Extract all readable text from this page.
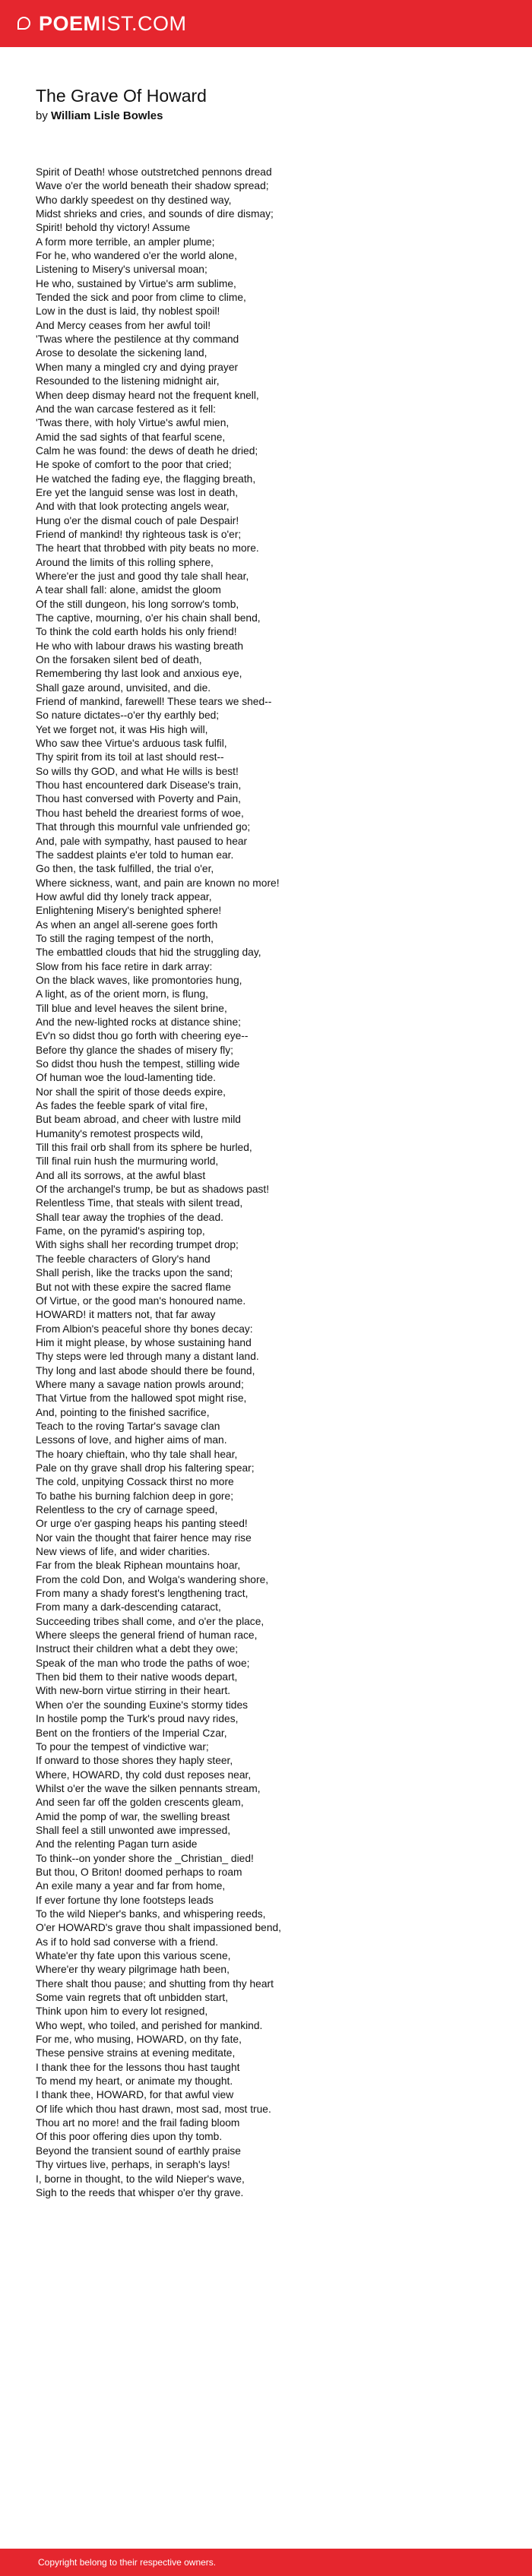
POEM IST.COM
The Grave Of Howard
by William Lisle Bowles
Spirit of Death! whose outstretched pennons dread
Wave o'er the world beneath their shadow spread;
Who darkly speedest on thy destined way,
Midst shrieks and cries, and sounds of dire dismay;
Spirit! behold thy victory! Assume
A form more terrible, an ampler plume;
For he, who wandered o'er the world alone,
Listening to Misery's universal moan;
He who, sustained by Virtue's arm sublime,
Tended the sick and poor from clime to clime,
Low in the dust is laid, thy noblest spoil!
And Mercy ceases from her awful toil!
'Twas where the pestilence at thy command
Arose to desolate the sickening land,
When many a mingled cry and dying prayer
Resounded to the listening midnight air,
When deep dismay heard not the frequent knell,
And the wan carcase festered as it fell:
'Twas there, with holy Virtue's awful mien,
Amid the sad sights of that fearful scene,
Calm he was found: the dews of death he dried;
He spoke of comfort to the poor that cried;
He watched the fading eye, the flagging breath,
Ere yet the languid sense was lost in death,
And with that look protecting angels wear,
Hung o'er the dismal couch of pale Despair!
Friend of mankind! thy righteous task is o'er;
The heart that throbbed with pity beats no more.
Around the limits of this rolling sphere,
Where'er the just and good thy tale shall hear,
A tear shall fall: alone, amidst the gloom
Of the still dungeon, his long sorrow's tomb,
The captive, mourning, o'er his chain shall bend,
To think the cold earth holds his only friend!
He who with labour draws his wasting breath
On the forsaken silent bed of death,
Remembering thy last look and anxious eye,
Shall gaze around, unvisited, and die.
Friend of mankind, farewell! These tears we shed--
So nature dictates--o'er thy earthly bed;
Yet we forget not, it was His high will,
Who saw thee Virtue's arduous task fulfil,
Thy spirit from its toil at last should rest--
So wills thy GOD, and what He wills is best!
Thou hast encountered dark Disease's train,
Thou hast conversed with Poverty and Pain,
Thou hast beheld the dreariest forms of woe,
That through this mournful vale unfriended go;
And, pale with sympathy, hast paused to hear
The saddest plaints e'er told to human ear.
Go then, the task fulfilled, the trial o'er,
Where sickness, want, and pain are known no more!
How awful did thy lonely track appear,
Enlightening Misery's benighted sphere!
As when an angel all-serene goes forth
To still the raging tempest of the north,
The embattled clouds that hid the struggling day,
Slow from his face retire in dark array:
On the black waves, like promontories hung,
A light, as of the orient morn, is flung,
Till blue and level heaves the silent brine,
And the new-lighted rocks at distance shine;
Ev'n so didst thou go forth with cheering eye--
Before thy glance the shades of misery fly;
So didst thou hush the tempest, stilling wide
Of human woe the loud-lamenting tide.
Nor shall the spirit of those deeds expire,
As fades the feeble spark of vital fire,
But beam abroad, and cheer with lustre mild
Humanity's remotest prospects wild,
Till this frail orb shall from its sphere be hurled,
Till final ruin hush the murmuring world,
And all its sorrows, at the awful blast
Of the archangel's trump, be but as shadows past!
Relentless Time, that steals with silent tread,
Shall tear away the trophies of the dead.
Fame, on the pyramid's aspiring top,
With sighs shall her recording trumpet drop;
The feeble characters of Glory's hand
Shall perish, like the tracks upon the sand;
But not with these expire the sacred flame
Of Virtue, or the good man's honoured name.
HOWARD! it matters not, that far away
From Albion's peaceful shore thy bones decay:
Him it might please, by whose sustaining hand
Thy steps were led through many a distant land.
Thy long and last abode should there be found,
Where many a savage nation prowls around;
That Virtue from the hallowed spot might rise,
And, pointing to the finished sacrifice,
Teach to the roving Tartar's savage clan
Lessons of love, and higher aims of man.
The hoary chieftain, who thy tale shall hear,
Pale on thy grave shall drop his faltering spear;
The cold, unpitying Cossack thirst no more
To bathe his burning falchion deep in gore;
Relentless to the cry of carnage speed,
Or urge o'er gasping heaps his panting steed!
Nor vain the thought that fairer hence may rise
New views of life, and wider charities.
Far from the bleak Riphean mountains hoar,
From the cold Don, and Wolga's wandering shore,
From many a shady forest's lengthening tract,
From many a dark-descending cataract,
Succeeding tribes shall come, and o'er the place,
Where sleeps the general friend of human race,
Instruct their children what a debt they owe;
Speak of the man who trode the paths of woe;
Then bid them to their native woods depart,
With new-born virtue stirring in their heart.
When o'er the sounding Euxine's stormy tides
In hostile pomp the Turk's proud navy rides,
Bent on the frontiers of the Imperial Czar,
To pour the tempest of vindictive war;
If onward to those shores they haply steer,
Where, HOWARD, thy cold dust reposes near,
Whilst o'er the wave the silken pennants stream,
And seen far off the golden crescents gleam,
Amid the pomp of war, the swelling breast
Shall feel a still unwonted awe impressed,
And the relenting Pagan turn aside
To think--on yonder shore the _Christian_ died!
But thou, O Briton! doomed perhaps to roam
An exile many a year and far from home,
If ever fortune thy lone footsteps leads
To the wild Nieper's banks, and whispering reeds,
O'er HOWARD's grave thou shalt impassioned bend,
As if to hold sad converse with a friend.
Whate'er thy fate upon this various scene,
Where'er thy weary pilgrimage hath been,
There shalt thou pause; and shutting from thy heart
Some vain regrets that oft unbidden start,
Think upon him to every lot resigned,
Who wept, who toiled, and perished for mankind.
For me, who musing, HOWARD, on thy fate,
These pensive strains at evening meditate,
I thank thee for the lessons thou hast taught
To mend my heart, or animate my thought.
I thank thee, HOWARD, for that awful view
Of life which thou hast drawn, most sad, most true.
Thou art no more! and the frail fading bloom
Of this poor offering dies upon thy tomb.
Beyond the transient sound of earthly praise
Thy virtues live, perhaps, in seraph's lays!
I, borne in thought, to the wild Nieper's wave,
Sigh to the reeds that whisper o'er thy grave.
Copyright belong to their respective owners.
